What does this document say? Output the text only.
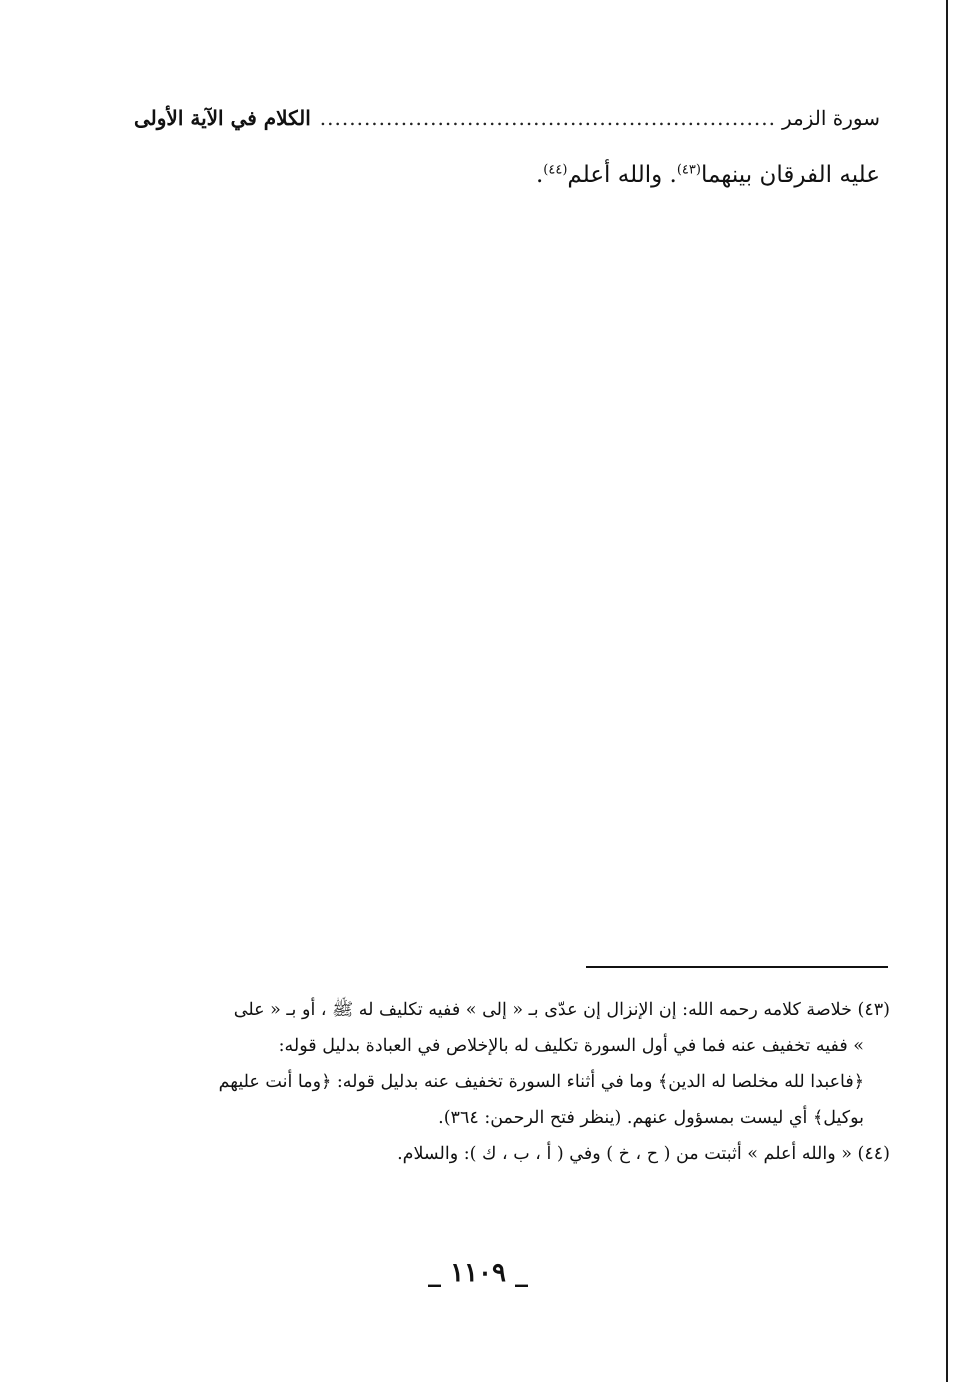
سورة الزمر
.....
الكلام في الآية الأولى
عليه الفرقان بينهما$^{(٤٣)}$. والله أعلم$^{(٤٤)}$.

(٤٣) خلاصة كلامه رحمه الله: إن الإنزال إن عدّى بـ « إلى » ففيه تكليف له ﷺ ، أو بـ « على
» ففيه تخفيف عنه فما في أول السورة تكليف له بالإخلاص في العبادة بدليل قوله:
﴿فاعبدا لله مخلصا له الدين﴾ وما في أثناء السورة تخفيف عنه بدليل قوله: ﴿وما أنت عليهم
بوكيل﴾ أي ليست بمسؤول عنهم. (ينظر فتح الرحمن: ٣٦٤).

(٤٤) « والله أعلم » أثبتت من ( ح ، خ ) وفي ( أ ، ب ، ك ): والسلام.

_ ١١٠٩ _
